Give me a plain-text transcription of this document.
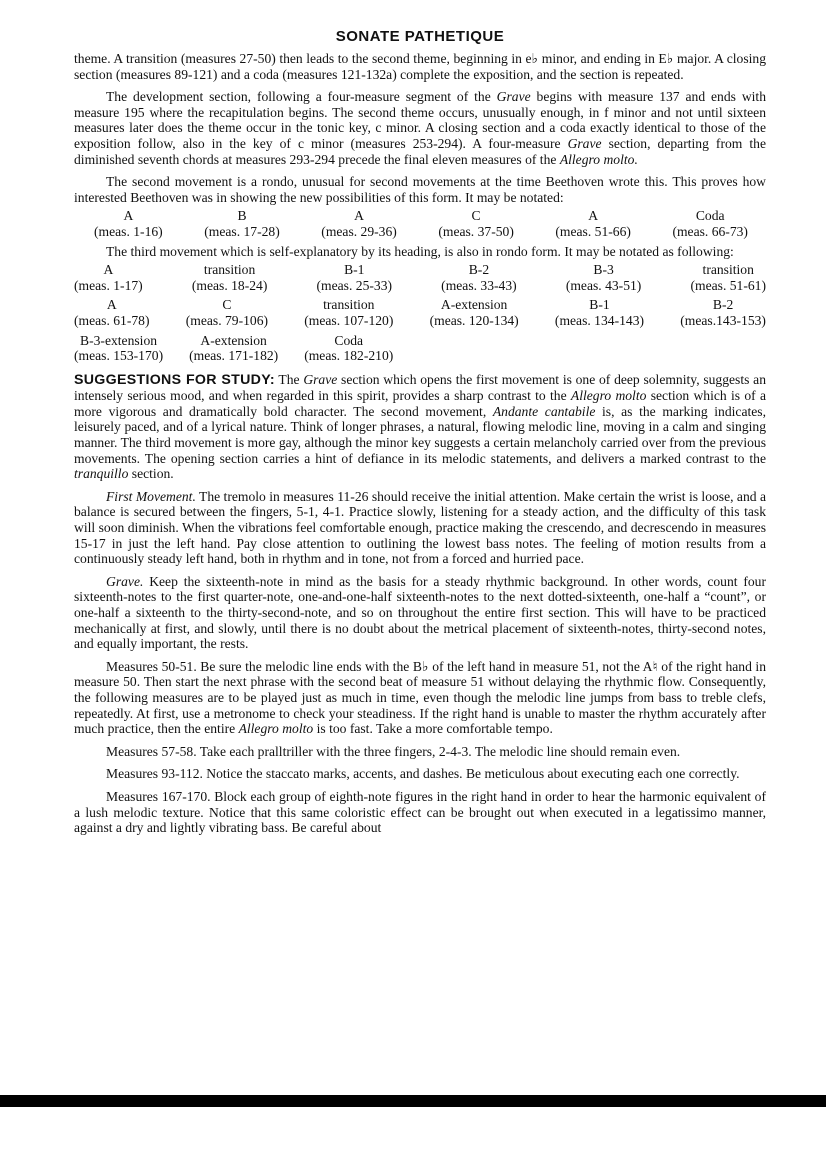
SONATE PATHETIQUE

theme. A transition (measures 27-50) then leads to the second theme, beginning in e♭ minor, and ending in E♭ major. A closing section (measures 89-121) and a coda (measures 121-132a) complete the exposition, and the section is repeated.

The development section, following a four-measure segment of the Grave begins with measure 137 and ends with measure 195 where the recapitulation begins. The second theme occurs, unusually enough, in f minor and not until sixteen measures later does the theme occur in the tonic key, c minor. A closing section and a coda exactly identical to those of the exposition follow, also in the key of c minor (measures 253-294). A four-measure Grave section, departing from the diminished seventh chords at measures 293-294 precede the final eleven measures of the Allegro molto.

The second movement is a rondo, unusual for second movements at the time Beethoven wrote this. This proves how interested Beethoven was in showing the new possibilities of this form. It may be notated:

A
(meas. 1-16)
B
(meas. 17-28)
A
(meas. 29-36)
C
(meas. 37-50)
A
(meas. 51-66)
Coda
(meas. 66-73)

The third movement which is self-explanatory by its heading, is also in rondo form. It may be notated as following:

A
(meas. 1-17)
transition
(meas. 18-24)
B-1
(meas. 25-33)
B-2
(meas. 33-43)
B-3
(meas. 43-51)
transition
(meas. 51-61)
A
(meas. 61-78)
C
(meas. 79-106)
transition
(meas. 107-120)
A-extension
(meas. 120-134)
B-1
(meas. 134-143)
B-2
(meas.143-153)
B-3-extension
(meas. 153-170)
A-extension
(meas. 171-182)
Coda
(meas. 182-210)

SUGGESTIONS FOR STUDY: The Grave section which opens the first movement is one of deep solemnity, suggests an intensely serious mood, and when regarded in this spirit, provides a sharp contrast to the Allegro molto section which is of a more vigorous and dramatically bold character. The second movement, Andante cantabile is, as the marking indicates, leisurely paced, and of a lyrical nature. Think of longer phrases, a natural, flowing melodic line, moving in a calm and singing manner. The third movement is more gay, although the minor key suggests a certain melancholy carried over from the previous movements. The opening section carries a hint of defiance in its melodic statements, and delivers a marked contrast to the tranquillo section.

First Movement. The tremolo in measures 11-26 should receive the initial attention. Make certain the wrist is loose, and a balance is secured between the fingers, 5-1, 4-1. Practice slowly, listening for a steady action, and the difficulty of this task will soon diminish. When the vibrations feel comfortable enough, practice making the crescendo, and decrescendo in measures 15-17 in just the left hand. Pay close attention to outlining the lowest bass notes. The feeling of motion results from a continuously steady left hand, both in rhythm and in tone, not from a forced and hurried pace.

Grave. Keep the sixteenth-note in mind as the basis for a steady rhythmic background. In other words, count four sixteenth-notes to the first quarter-note, one-and-one-half sixteenth-notes to the next dotted-sixteenth, one-half a “count”, or one-half a sixteenth to the thirty-second-note, and so on throughout the entire first section. This will have to be practiced mechanically at first, and slowly, until there is no doubt about the metrical placement of sixteenth-notes, thirty-second notes, and equally important, the rests.

Measures 50-51. Be sure the melodic line ends with the B♭ of the left hand in measure 51, not the A♮ of the right hand in measure 50. Then start the next phrase with the second beat of measure 51 without delaying the rhythmic flow. Consequently, the following measures are to be played just as much in time, even though the melodic line jumps from bass to treble clefs, repeatedly. At first, use a metronome to check your steadiness. If the right hand is unable to master the rhythm accurately after much practice, then the entire Allegro molto is too fast. Take a more comfortable tempo.

Measures 57-58. Take each pralltriller with the three fingers, 2-4-3. The melodic line should remain even.

Measures 93-112. Notice the staccato marks, accents, and dashes. Be meticulous about executing each one correctly.

Measures 167-170. Block each group of eighth-note figures in the right hand in order to hear the harmonic equivalent of a lush melodic texture. Notice that this same coloristic effect can be brought out when executed in a legatissimo manner, against a dry and lightly vibrating bass. Be careful about
